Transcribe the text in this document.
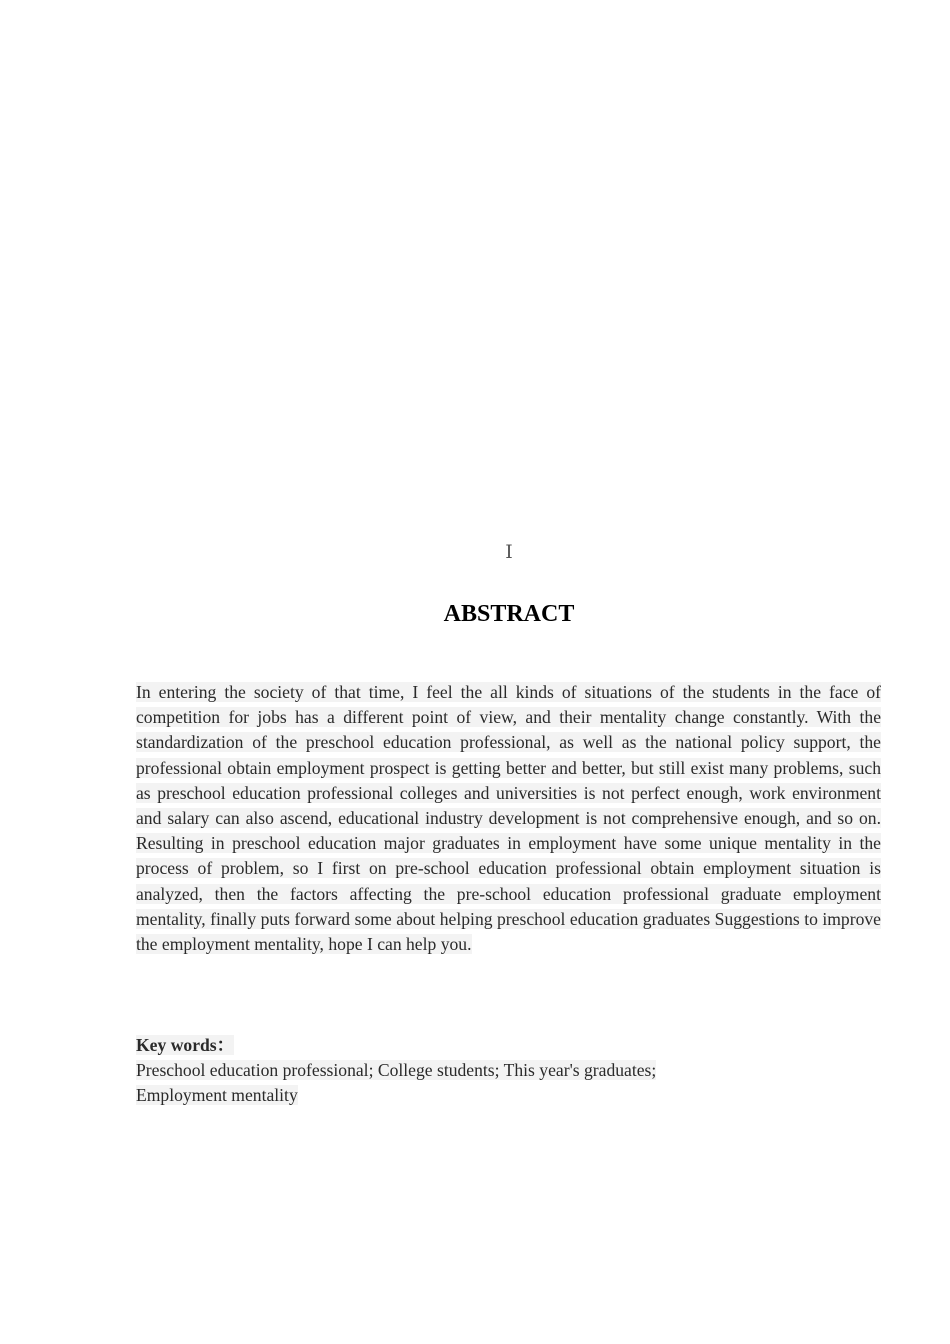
I
ABSTRACT

In entering the society of that time, I feel the all kinds of situations of the students in the face of competition for jobs has a different point of view, and their mentality change constantly. With the standardization of the preschool education professional, as well as the national policy support, the professional obtain employment prospect is getting better and better, but still exist many problems, such as preschool education professional colleges and universities is not perfect enough, work environment and salary can also ascend, educational industry development is not comprehensive enough, and so on. Resulting in preschool education major graduates in employment have some unique mentality in the process of problem, so I first on pre-school education professional obtain employment situation is analyzed, then the factors affecting the pre-school education professional graduate employment mentality, finally puts forward some about helping preschool education graduates Suggestions to improve the employment mentality, hope I can help you.

Key words：
Preschool education professional; College students; This year's graduates;
Employment mentality
